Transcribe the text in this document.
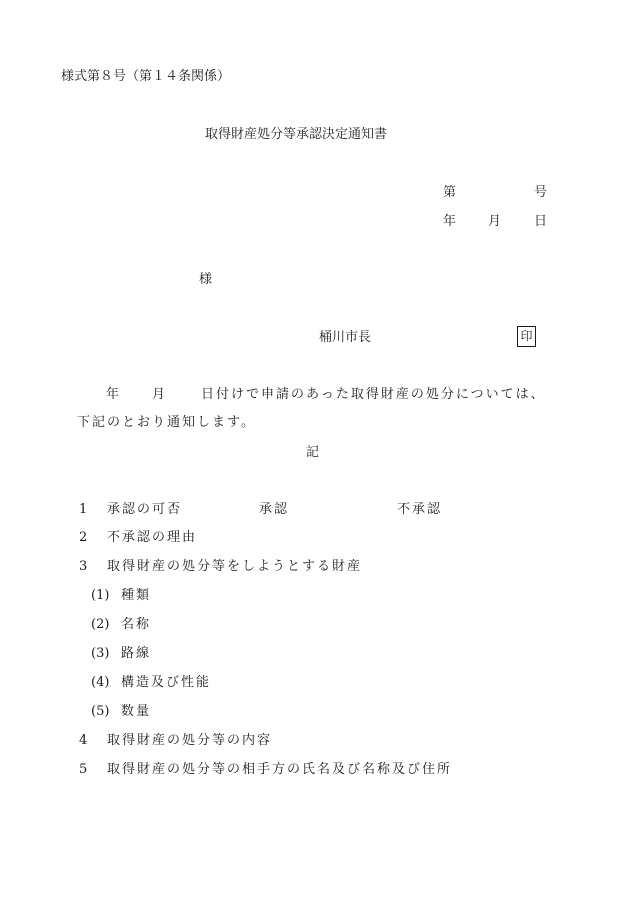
様式第８号（第１４条関係）
取得財産処分等承認決定通知書
第	号
年 月	日
様
桶川市長	印
年 月	日付けで申請のあった取得財産の処分については、
下記のとおり通知します。
記
1 承認の可否	承認	不承認
2 不承認の理由
3 取得財産の処分等をしようとする財産
(1) 種類
(2) 名称
(3) 路線
(4) 構造及び性能
(5) 数量
4 取得財産の処分等の内容
5 取得財産の処分等の相手方の氏名及び名称及び住所
